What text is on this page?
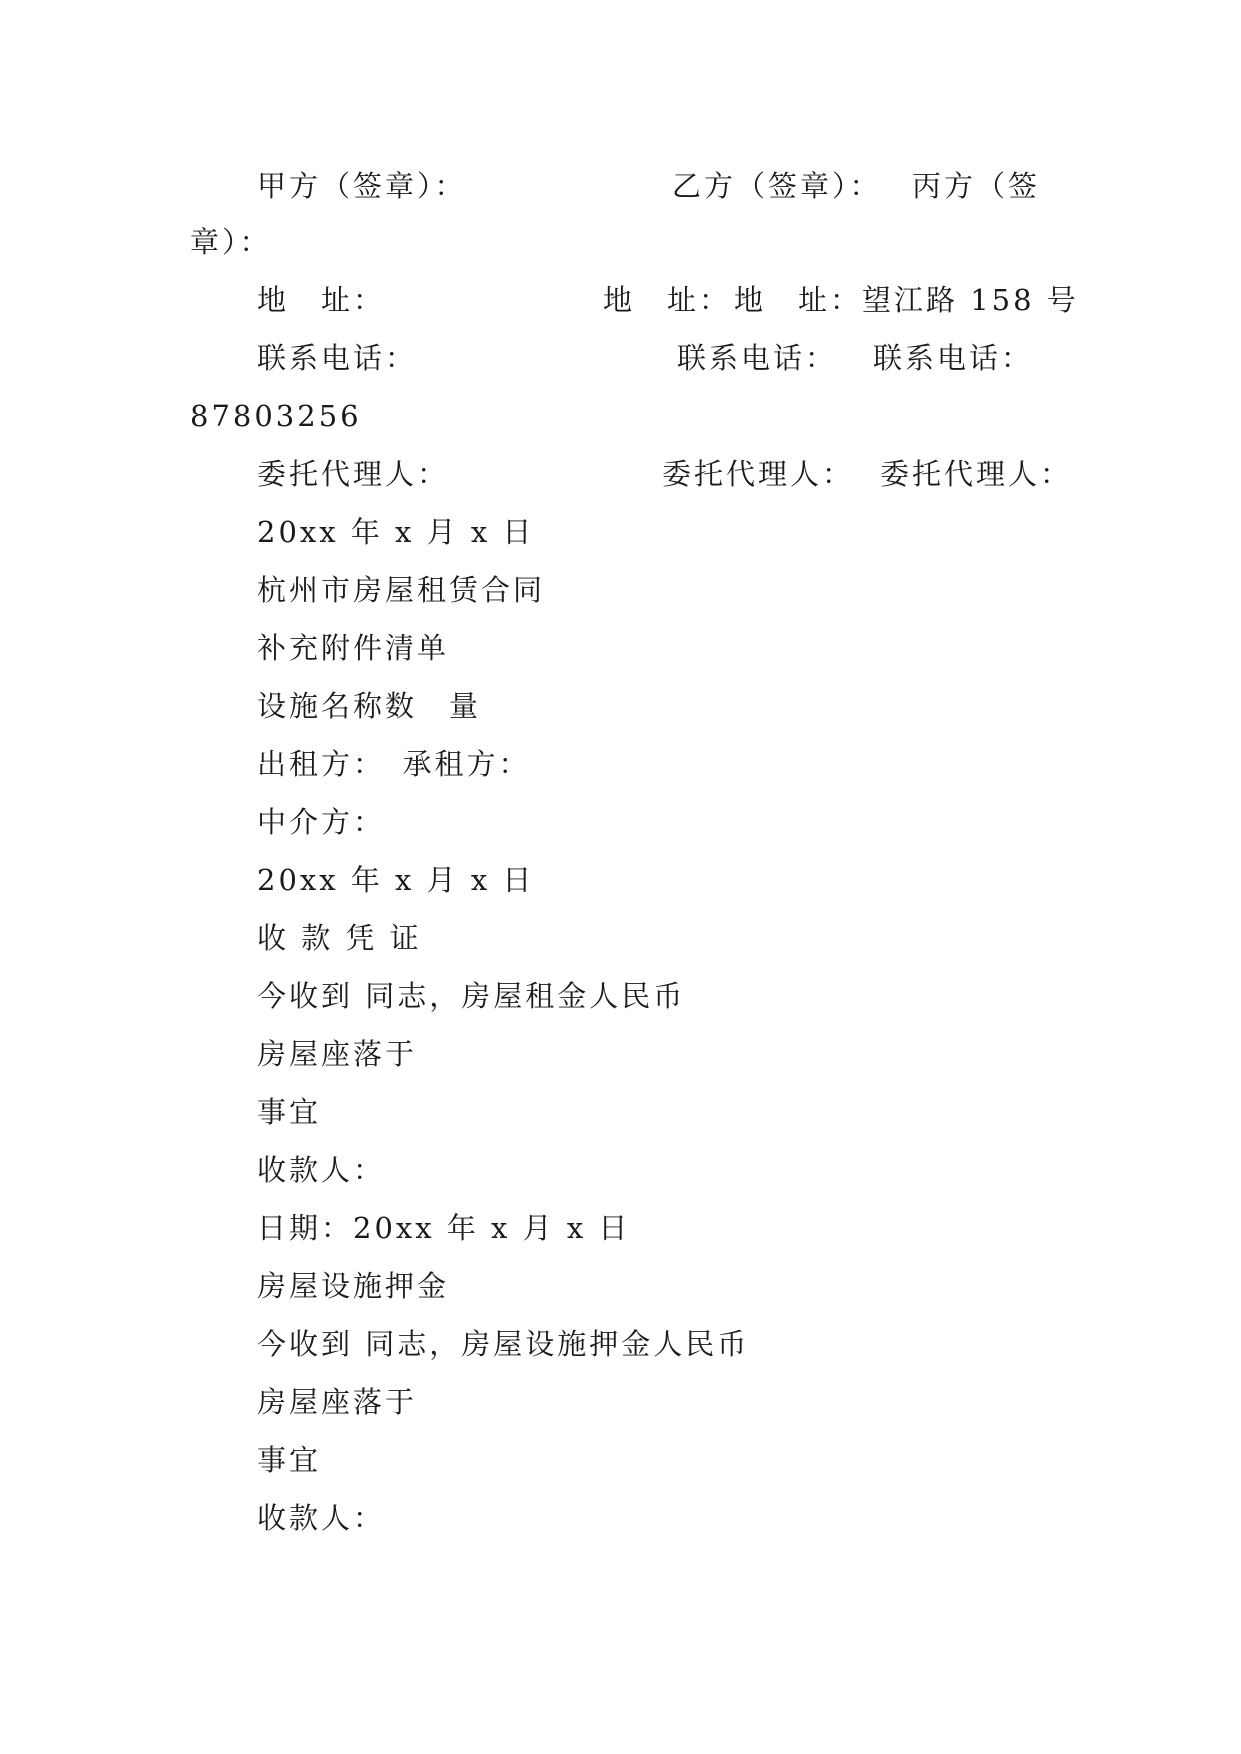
甲方（签章）：	乙方（签章）： 丙方（签
章）：
地　址：	地　址： 地　址：望江路 158 号
联系电话：	联系电话： 联系电话：
87803256
委托代理人：	委托代理人： 委托代理人：
20xx 年 x 月 x 日
杭州市房屋租赁合同
补充附件清单
设施名称数　量
出租方：　承租方：
中介方：
20xx 年 x 月 x 日
收 款 凭 证
今收到 同志，房屋租金人民币
房屋座落于
事宜
收款人：
日期：20xx 年 x 月 x 日
房屋设施押金
今收到 同志，房屋设施押金人民币
房屋座落于
事宜
收款人：
